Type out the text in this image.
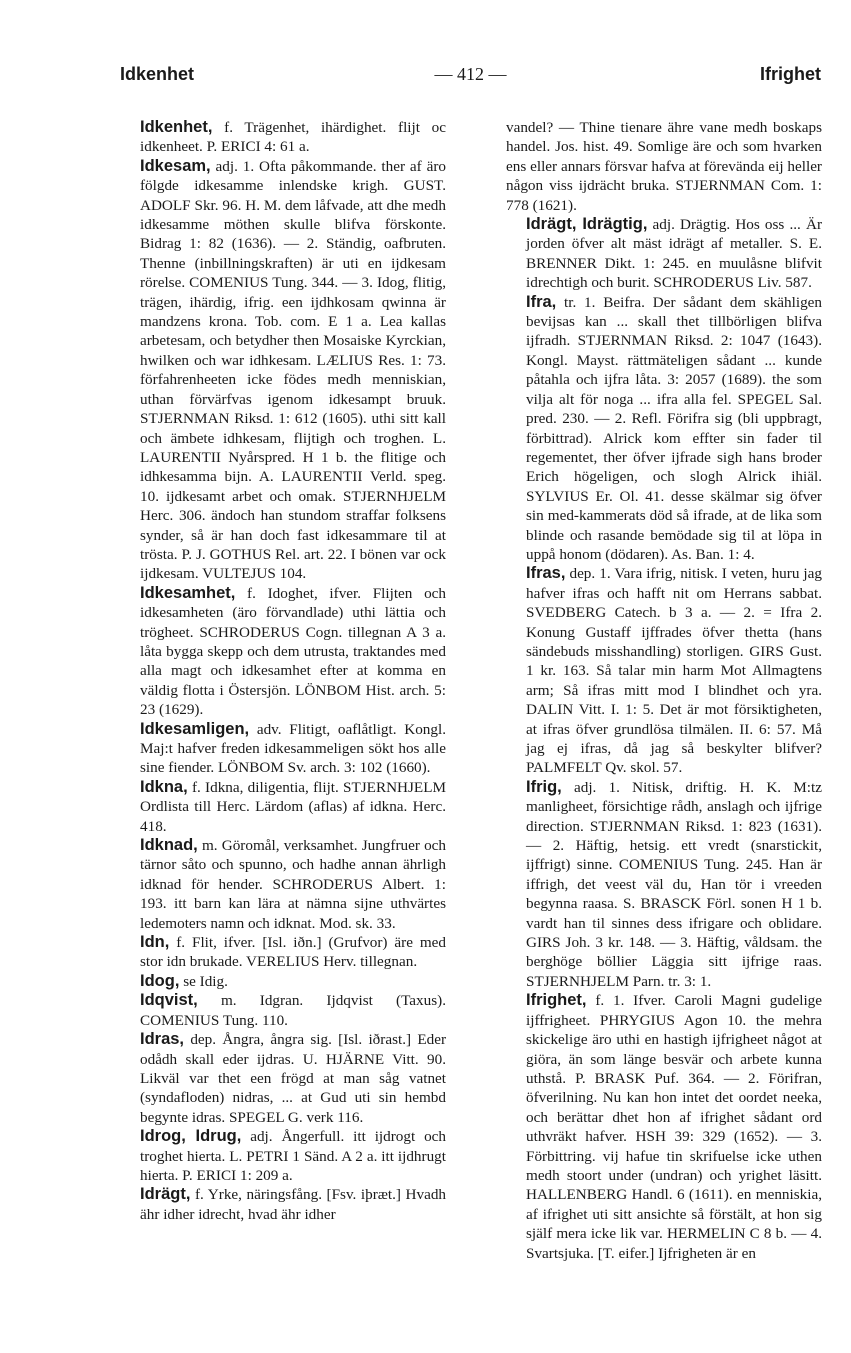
Idkenhet	— 412 —	Ifrighet

Idkenhet, f. Trägenhet, ihärdighet. flijt oc idkenheet. P. ERICI 4: 61 a.

Idkesam, adj. 1. Ofta påkommande. ther af äro fölgde idkesamme inlendske krigh. GUST. ADOLF Skr. 96. H. M. dem låfvade, att dhe medh idkesamme möthen skulle blifva förskonte. Bidrag 1: 82 (1636). — 2. Ständig, oafbruten. Thenne (inbillningskraften) är uti en ijdkesam rörelse. COMENIUS Tung. 344. — 3. Idog, flitig, trägen, ihärdig, ifrig. een ijdhkosam qwinna är mandzens krona. Tob. com. E 1 a. Lea kallas arbetesam, och betydher then Mosaiske Kyrckian, hwilken och war idhkesam. LÆLIUS Res. 1: 73. förfahrenheeten icke födes medh menniskian, uthan förvärfvas igenom idkesampt bruuk. STJERNMAN Riksd. 1: 612 (1605). uthi sitt kall och ämbete idhkesam, flijtigh och troghen. L. LAURENTII Nyårspred. H 1 b. the flitige och idhkesamma bijn. A. LAURENTII Verld. speg. 10. ijdkesamt arbet och omak. STJERNHJELM Herc. 306. ändoch han stundom straffar folksens synder, så är han doch fast idkesammare til at trösta. P. J. GOTHUS Rel. art. 22. I bönen var ock ijdkesam. VULTEJUS 104.

Idkesamhet, f. Idoghet, ifver. Flijten och idkesamheten (äro förvandlade) uthi lättia och trögheet. SCHRODERUS Cogn. tillegnan A 3 a. låta bygga skepp och dem utrusta, traktandes med alla magt och idkesamhet efter at komma en väldig flotta i Östersjön. LÖNBOM Hist. arch. 5: 23 (1629).

Idkesamligen, adv. Flitigt, oaflåtligt. Kongl. Maj:t hafver freden idkesammeligen sökt hos alle sine fiender. LÖNBOM Sv. arch. 3: 102 (1660).

Idkna, f. Idkna, diligentia, flijt. STJERNHJELM Ordlista till Herc. Lärdom (aflas) af idkna. Herc. 418.

Idknad, m. Göromål, verksamhet. Jungfruer och tärnor såto och spunno, och hadhe annan ährligh idknad för hender. SCHRODERUS Albert. 1: 193. itt barn kan lära at nämna sijne uthvärtes ledemoters namn och idknat. Mod. sk. 33.

Idn, f. Flit, ifver. [Isl. iðn.] (Grufvor) äre med stor idn brukade. VERELIUS Herv. tillegnan.

Idog, se Idig.

Idqvist, m. Idgran. Ijdqvist (Taxus). COMENIUS Tung. 110.

Idras, dep. Ångra, ångra sig. [Isl. iðrast.] Eder odådh skall eder ijdras. U. HJÄRNE Vitt. 90. Likväl var thet een frögd at man såg vatnet (syndafloden) nidras, ... at Gud uti sin hembd begynte idras. SPEGEL G. verk 116.

Idrog, Idrug, adj. Ångerfull. itt ijdrogt och troghet hierta. L. PETRI 1 Sänd. A 2 a. itt ijdhrugt hierta. P. ERICI 1: 209 a.

Idrägt, f. Yrke, näringsfång. [Fsv. iþræt.] Hvadh ähr idher idrecht, hvad ähr idher

vandel? — Thine tienare ähre vane medh boskaps handel. Jos. hist. 49. Somlige äre och som hvarken ens eller annars försvar hafva at förevända eij heller någon viss ijdrächt bruka. STJERNMAN Com. 1: 778 (1621).

Idrägt, Idrägtig, adj. Drägtig. Hos oss ... Är jorden öfver alt mäst idrägt af metaller. S. E. BRENNER Dikt. 1: 245. en muulåsne blifvit idrechtigh och burit. SCHRODERUS Liv. 587.

Ifra, tr. 1. Beifra. Der sådant dem skähligen bevijsas kan ... skall thet tillbörligen blifva ijfradh. STJERNMAN Riksd. 2: 1047 (1643). Kongl. Mayst. rättmäteligen sådant ... kunde påtahla och ijfra låta. 3: 2057 (1689). the som vilja alt för noga ... ifra alla fel. SPEGEL Sal. pred. 230. — 2. Refl. Förifra sig (bli uppbragt, förbittrad). Alrick kom effter sin fader til regementet, ther öfver ijfrade sigh hans broder Erich högeligen, och slogh Alrick ihiäl. SYLVIUS Er. Ol. 41. desse skälmar sig öfver sin med-kammerats död så ifrade, at de lika som blinde och rasande bemödade sig til at löpa in uppå honom (dödaren). As. Ban. 1: 4.

Ifras, dep. 1. Vara ifrig, nitisk. I veten, huru jag hafver ifras och hafft nit om Herrans sabbat. SVEDBERG Catech. b 3 a. — 2. = Ifra 2. Konung Gustaff ijffrades öfver thetta (hans sändebuds misshandling) storligen. GIRS Gust. 1 kr. 163. Så talar min harm Mot Allmagtens arm; Så ifras mitt mod I blindhet och yra. DALIN Vitt. I. 1: 5. Det är mot försiktigheten, at ifras öfver grundlösa tilmälen. II. 6: 57. Må jag ej ifras, då jag så beskylter blifver? PALMFELT Qv. skol. 57.

Ifrig, adj. 1. Nitisk, driftig. H. K. M:tz manligheet, försichtige rådh, anslagh och ijfrige direction. STJERNMAN Riksd. 1: 823 (1631). — 2. Häftig, hetsig. ett vredt (snarstickit, ijffrigt) sinne. COMENIUS Tung. 245. Han är iffrigh, det veest väl du, Han tör i vreeden begynna raasa. S. BRASCK Förl. sonen H 1 b. vardt han til sinnes dess ifrigare och oblidare. GIRS Joh. 3 kr. 148. — 3. Häftig, våldsam. the berghöge böllier Läggia sitt ijfrige raas. STJERNHJELM Parn. tr. 3: 1.

Ifrighet, f. 1. Ifver. Caroli Magni gudelige ijffrigheet. PHRYGIUS Agon 10. the mehra skickelige äro uthi en hastigh ijfrigheet något at giöra, än som länge besvär och arbete kunna uthstå. P. BRASK Puf. 364. — 2. Förifran, öfverilning. Nu kan hon intet det oordet neeka, och berättar dhet hon af ifrighet sådant ord uthvräkt hafver. HSH 39: 329 (1652). — 3. Förbittring. vij hafue tin skrifuelse icke uthen medh stoort under (undran) och yrighet läsitt. HALLENBERG Handl. 6 (1611). en menniskia, af ifrighet uti sitt ansichte så förstält, at hon sig själf mera icke lik var. HERMELIN C 8 b. — 4. Svartsjuka. [T. eifer.] Ijfrigheten är en
